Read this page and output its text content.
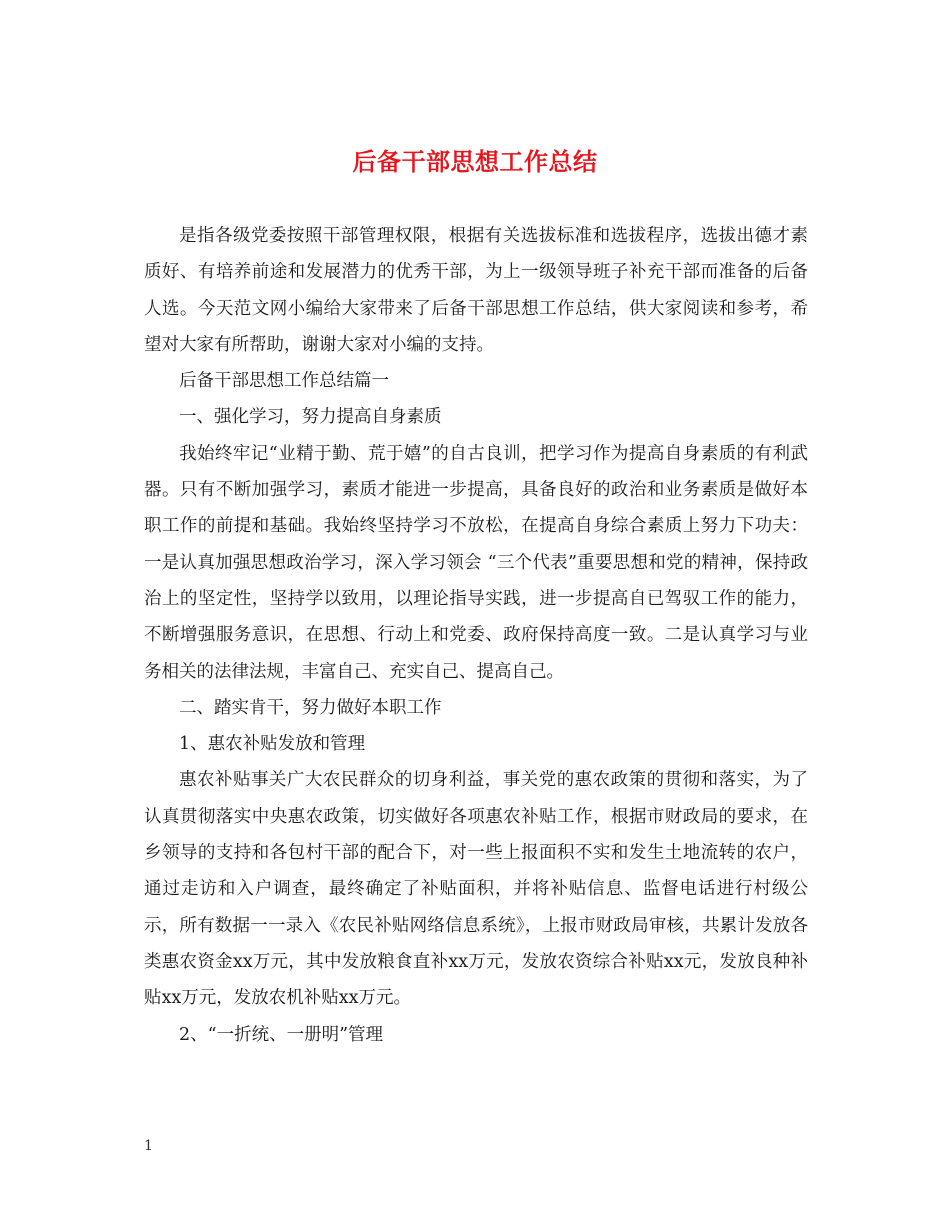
后备干部思想工作总结

是指各级党委按照干部管理权限，根据有关选拔标准和选拔程序，选拔出德才素质好、有培养前途和发展潜力的优秀干部，为上一级领导班子补充干部而准备的后备人选。今天范文网小编给大家带来了后备干部思想工作总结，供大家阅读和参考，希望对大家有所帮助，谢谢大家对小编的支持。

后备干部思想工作总结篇一

一、强化学习，努力提高自身素质

我始终牢记“业精于勤、荒于嬉”的自古良训，把学习作为提高自身素质的有利武器。只有不断加强学习，素质才能进一步提高，具备良好的政治和业务素质是做好本职工作的前提和基础。我始终坚持学习不放松，在提高自身综合素质上努力下功夫：一是认真加强思想政治学习，深入学习领会 “三个代表”重要思想和党的精神，保持政治上的坚定性，坚持学以致用，以理论指导实践，进一步提高自已驾驭工作的能力，不断增强服务意识，在思想、行动上和党委、政府保持高度一致。二是认真学习与业务相关的法律法规，丰富自己、充实自己、提高自己。

二、踏实肯干，努力做好本职工作

1、惠农补贴发放和管理

惠农补贴事关广大农民群众的切身利益，事关党的惠农政策的贯彻和落实，为了认真贯彻落实中央惠农政策，切实做好各项惠农补贴工作，根据市财政局的要求，在乡领导的支持和各包村干部的配合下，对一些上报面积不实和发生土地流转的农户，通过走访和入户调查，最终确定了补贴面积，并将补贴信息、监督电话进行村级公示，所有数据一一录入《农民补贴网络信息系统》，上报市财政局审核，共累计发放各类惠农资金xx万元，其中发放粮食直补xx万元，发放农资综合补贴xx元，发放良种补贴xx万元，发放农机补贴xx万元。

2、“一折统、一册明”管理

1
